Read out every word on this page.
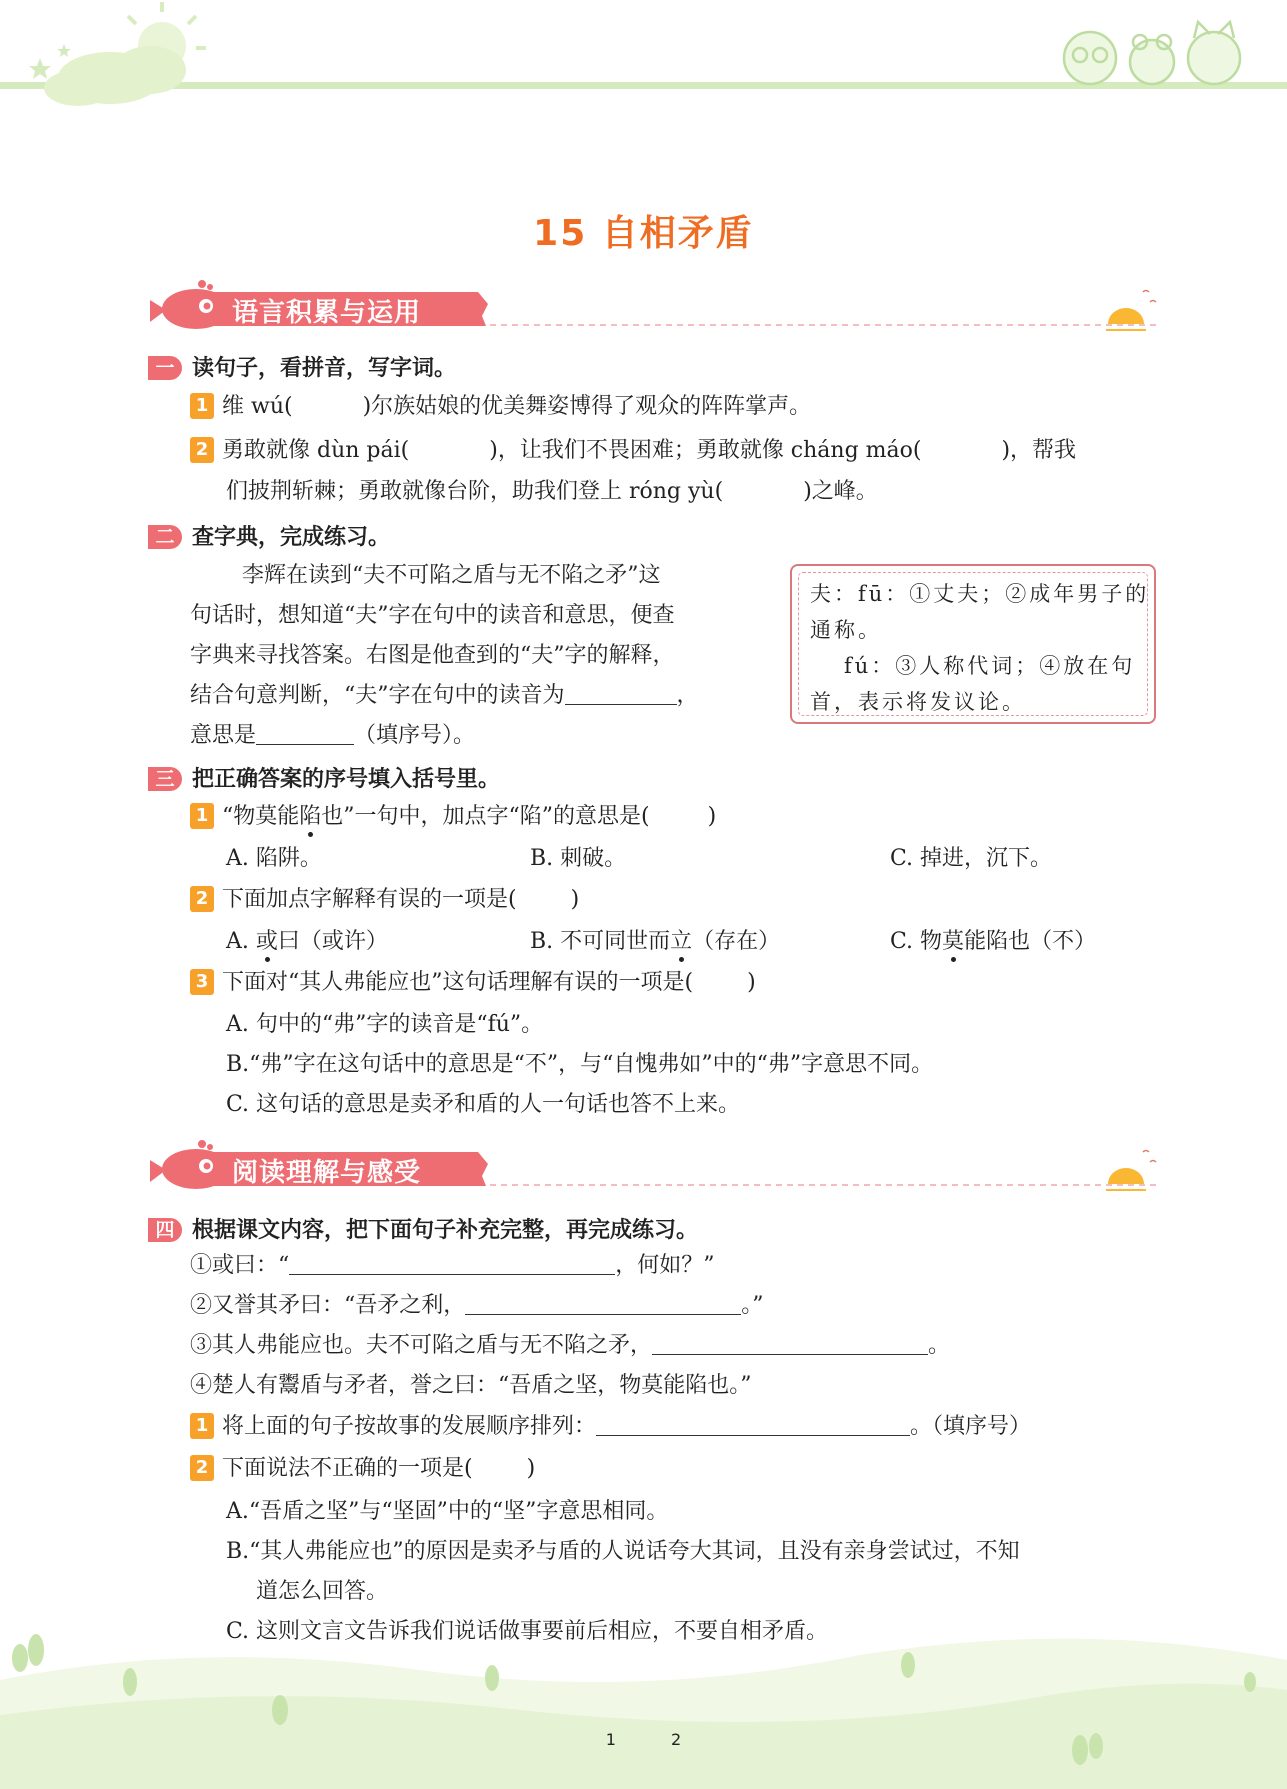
15 自相矛盾
语言积累与运用
一 读句子，看拼音，写字词。
1 维 wú(	)尔族姑娘的优美舞姿博得了观众的阵阵掌声。
2 勇敢就像 dùn pái(	)，让我们不畏困难；勇敢就像 cháng máo(	)，帮我
们披荆斩棘；勇敢就像台阶，助我们登上 róng yù(	)之峰。
二 查字典，完成练习。
李辉在读到“夫不可陷之盾与无不陷之矛”这
句话时，想知道“夫”字在句中的读音和意思，便查
字典来寻找答案。右图是他查到的“夫”字的解释，
结合句意判断，“夫”字在句中的读音为	，
意思是	（填序号）。
夫：fū：①丈夫；②成年男子的
通称。
fú：③人称代词；④放在句
首，表示将发议论。
三 把正确答案的序号填入括号里。
1 “物莫能陷也”一句中，加点字“陷”的意思是(	)
A. 陷阱。	B. 刺破。	C. 掉进，沉下。
2 下面加点字解释有误的一项是( )
A. 或曰（或许）	B. 不可同世而立（存在）	C. 物莫能陷也（不）
3 下面对“其人弗能应也”这句话理解有误的一项是( )
A. 句中的“弗”字的读音是“fú”。
B.“弗”字在这句话中的意思是“不”，与“自愧弗如”中的“弗”字意思不同。
C. 这句话的意思是卖矛和盾的人一句话也答不上来。
阅读理解与感受
四 根据课文内容，把下面句子补充完整，再完成练习。
①或曰：“	，何如？”
②又誉其矛曰：“吾矛之利，	。”
③其人弗能应也。夫不可陷之盾与无不陷之矛，	。
④楚人有鬻盾与矛者，誉之曰：“吾盾之坚，物莫能陷也。”
1 将上面的句子按故事的发展顺序排列：	。（填序号）
2 下面说法不正确的一项是( )
A.“吾盾之坚”与“坚固”中的“坚”字意思相同。
B.“其人弗能应也”的原因是卖矛与盾的人说话夸大其词，且没有亲身尝试过，不知
道怎么回答。
C. 这则文言文告诉我们说话做事要前后相应，不要自相矛盾。
1	2
